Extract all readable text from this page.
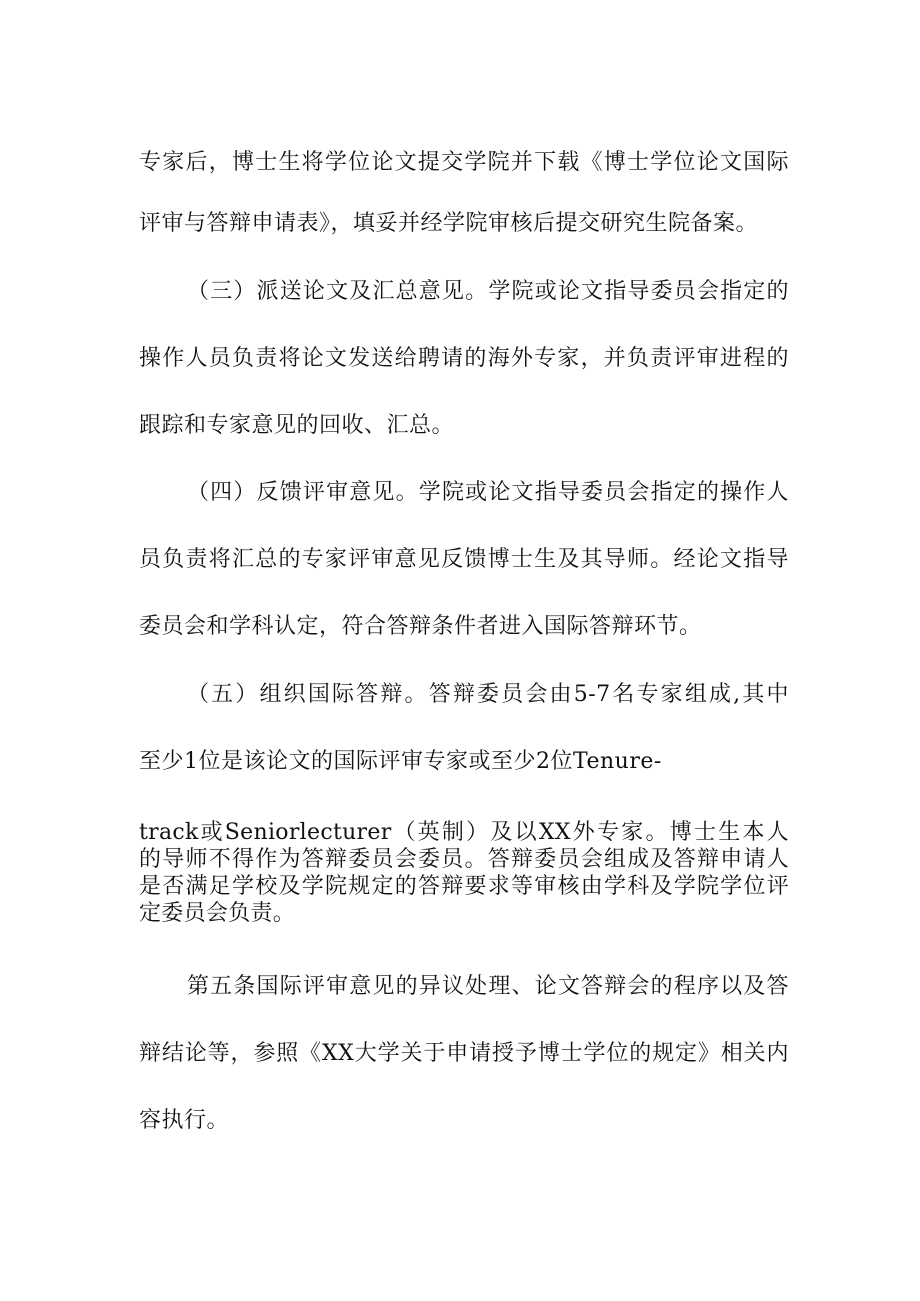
专家后，博士生将学位论文提交学院并下载《博士学位论文国际
评审与答辩申请表》，填妥并经学院审核后提交研究生院备案。
（三）派送论文及汇总意见。学院或论文指导委员会指定的
操作人员负责将论文发送给聘请的海外专家，并负责评审进程的
跟踪和专家意见的回收、汇总。
（四）反馈评审意见。学院或论文指导委员会指定的操作人
员负责将汇总的专家评审意见反馈博士生及其导师。经论文指导
委员会和学科认定，符合答辩条件者进入国际答辩环节。
（五）组织国际答辩。答辩委员会由5-7名专家组成,其中
至少1位是该论文的国际评审专家或至少2位Tenure-
track或Seniorlecturer（英制）及以XX外专家。博士生本人
的导师不得作为答辩委员会委员。答辩委员会组成及答辩申请人
是否满足学校及学院规定的答辩要求等审核由学科及学院学位评
定委员会负责。
第五条国际评审意见的异议处理、论文答辩会的程序以及答
辩结论等，参照《XX大学关于申请授予博士学位的规定》相关内
容执行。
